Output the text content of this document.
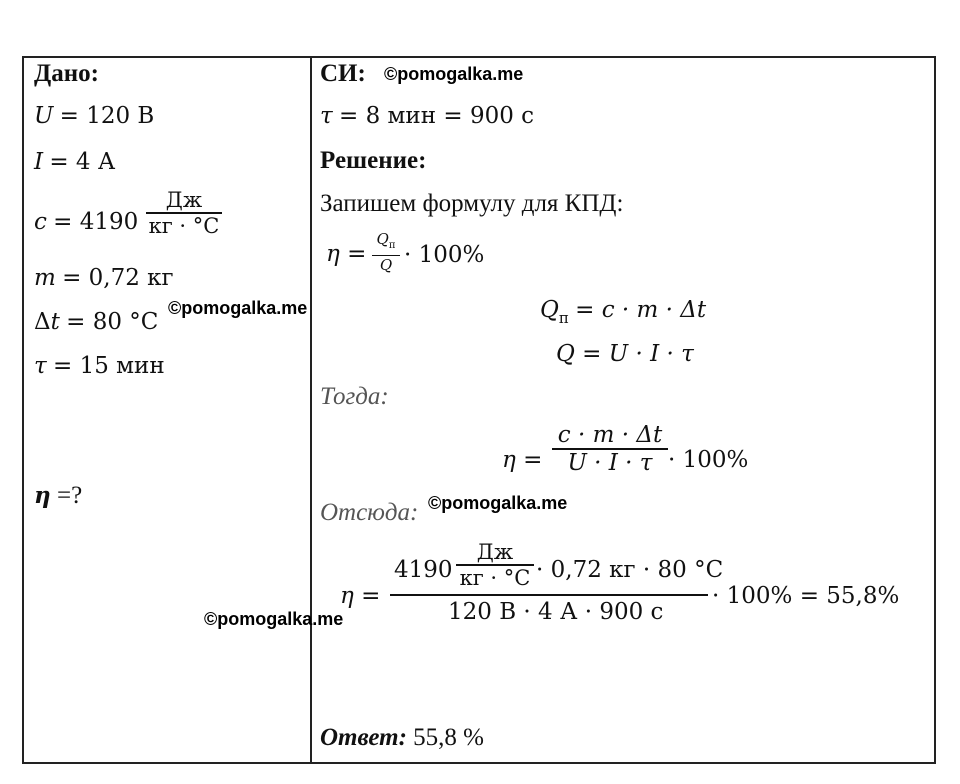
Дано:
U = 120 В
I = 4 А
c = 4190
Дж
кг · °С
m = 0,72 кг
Δt = 80 °С
τ = 15 мин
η =?
СИ:
τ = 8 мин = 900 с
Решение:
Запишем формулу для КПД:
η =
$Q_п$
Q · 100%
$Q_п = c \cdot m \cdot \Delta t$
Q = U · I · τ
Тогда:
η =
c · m · Δt
U · I · τ · 100%
Отсюда:
η =
4190
Дж
кг · °С · 0,72 кг · 80 °С
120 В · 4 А · 900 с
· 100% = 55,8%
Ответ: 55,8 %
©pomogalka.me
©pomogalka.me
©pomogalka.me
©pomogalka.me
